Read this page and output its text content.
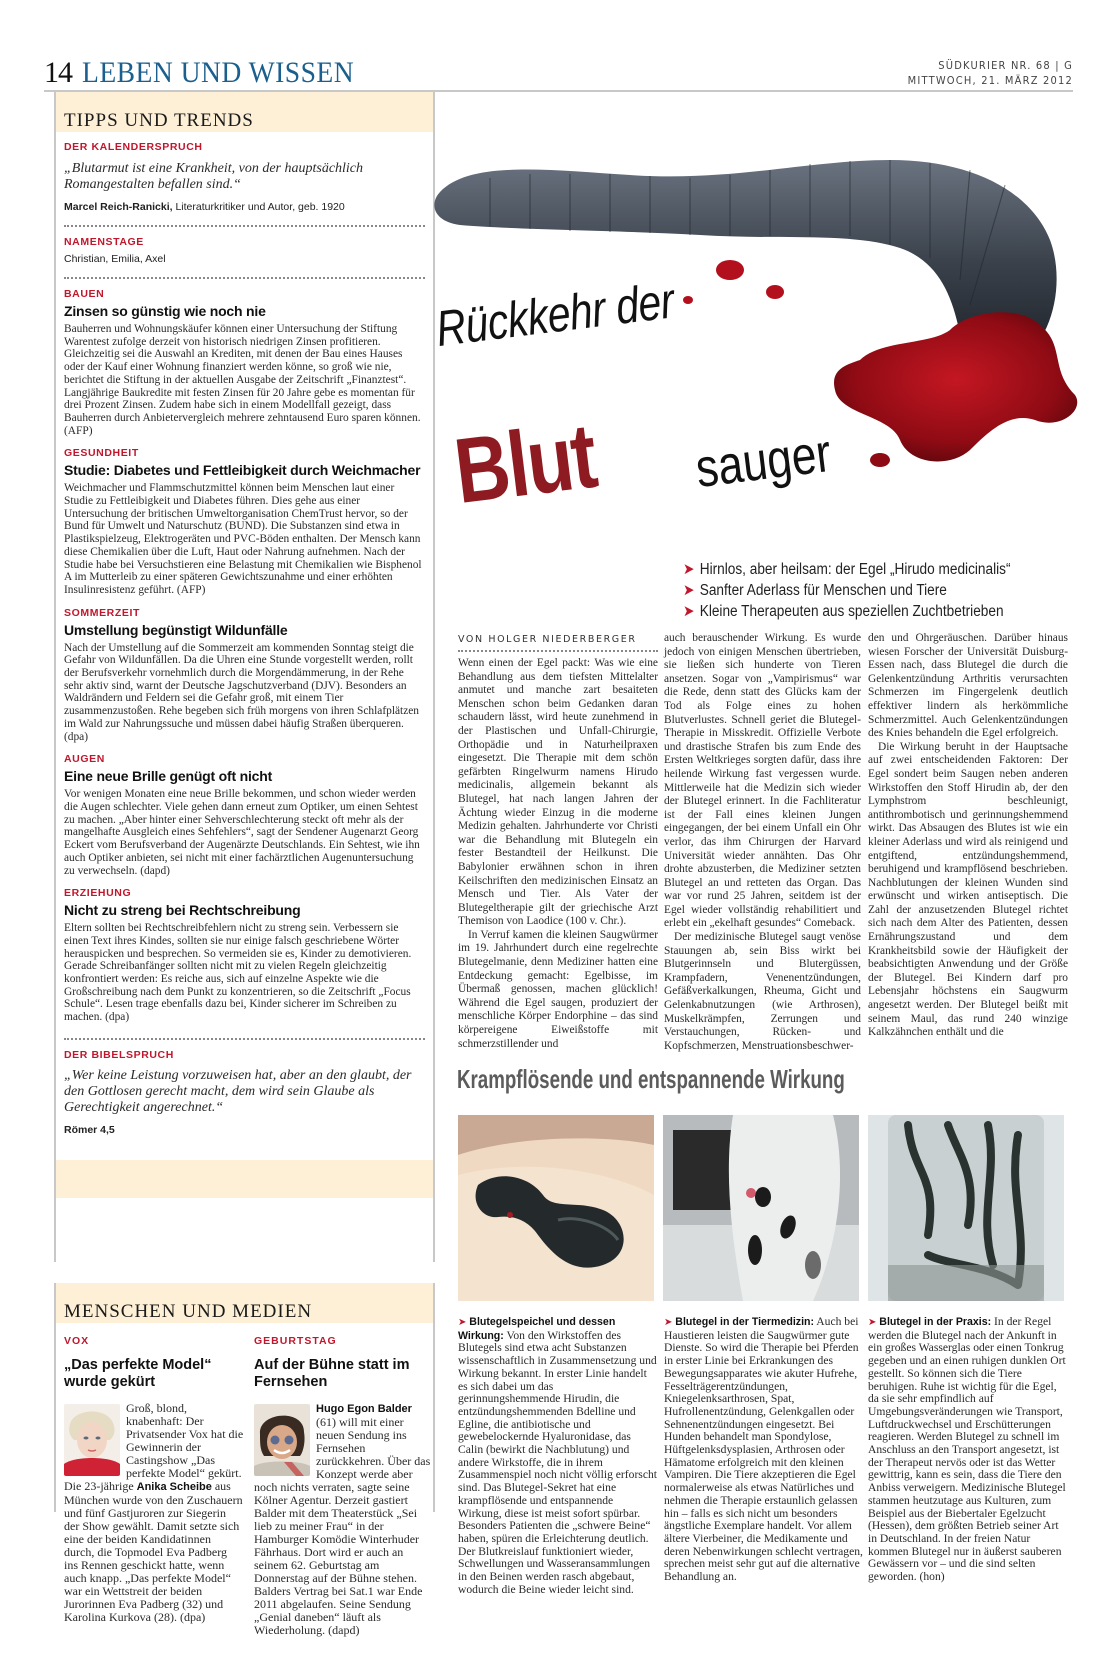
14 LEBEN UND WISSEN	SÜDKURIER NR. 68 | G
MITTWOCH, 21. MÄRZ 2012
TIPPS UND TRENDS
DER KALENDERSPRUCH
„Blutarmut ist eine Krankheit, von der hauptsächlich Romangestalten befallen sind.“
Marcel Reich-Ranicki, Literaturkritiker und Autor, geb. 1920
NAMENSTAGE
Christian, Emilia, Axel
BAUEN
Zinsen so günstig wie noch nie
Bauherren und Wohnungskäufer können einer Untersuchung der Stiftung Warentest zufolge derzeit von historisch niedrigen Zinsen profitieren. Gleichzeitig sei die Auswahl an Krediten, mit denen der Bau eines Hauses oder der Kauf einer Wohnung finanziert werden könne, so groß wie nie, berichtet die Stiftung in der aktuellen Ausgabe der Zeitschrift „Finanztest“. Langjährige Baukredite mit festen Zinsen für 20 Jahre gebe es momentan für drei Prozent Zinsen. Zudem habe sich in einem Modellfall gezeigt, dass Bauherren durch Anbietervergleich mehrere zehntausend Euro sparen können. (AFP)
GESUNDHEIT
Studie: Diabetes und Fettleibigkeit durch Weichmacher
Weichmacher und Flammschutzmittel können beim Menschen laut einer Studie zu Fettleibigkeit und Diabetes führen. Dies gehe aus einer Untersuchung der britischen Umweltorganisation ChemTrust hervor, so der Bund für Umwelt und Naturschutz (BUND). Die Substanzen sind etwa in Plastikspielzeug, Elektrogeräten und PVC-Böden enthalten. Der Mensch kann diese Chemikalien über die Luft, Haut oder Nahrung aufnehmen. Nach der Studie habe bei Versuchstieren eine Belastung mit Chemikalien wie Bisphenol A im Mutterleib zu einer späteren Gewichtszunahme und einer erhöhten Insulinresistenz geführt. (AFP)
SOMMERZEIT
Umstellung begünstigt Wildunfälle
Nach der Umstellung auf die Sommerzeit am kommenden Sonntag steigt die Gefahr von Wildunfällen. Da die Uhren eine Stunde vorgestellt werden, rollt der Berufsverkehr vornehmlich durch die Morgendämmerung, in der Rehe sehr aktiv sind, warnt der Deutsche Jagschutzverband (DJV). Besonders an Waldrändern und Feldern sei die Gefahr groß, mit einem Tier zusammenzustoßen. Rehe begeben sich früh morgens von ihren Schlafplätzen im Wald zur Nahrungssuche und müssen dabei häufig Straßen überqueren. (dpa)
AUGEN
Eine neue Brille genügt oft nicht
Vor wenigen Monaten eine neue Brille bekommen, und schon wieder werden die Augen schlechter. Viele gehen dann erneut zum Optiker, um einen Sehtest zu machen. „Aber hinter einer Sehverschlechterung steckt oft mehr als der mangelhafte Ausgleich eines Sehfehlers“, sagt der Sendener Augenarzt Georg Eckert vom Berufsverband der Augenärzte Deutschlands. Ein Sehtest, wie ihn auch Optiker anbieten, sei nicht mit einer fachärztlichen Augenuntersuchung zu verwechseln. (dapd)
ERZIEHUNG
Nicht zu streng bei Rechtschreibung
Eltern sollten bei Rechtschreibfehlern nicht zu streng sein. Verbessern sie einen Text ihres Kindes, sollten sie nur einige falsch geschriebene Wörter herauspicken und besprechen. So vermeiden sie es, Kinder zu demotivieren. Gerade Schreibanfänger sollten nicht mit zu vielen Regeln gleichzeitig konfrontiert werden: Es reiche aus, sich auf einzelne Aspekte wie die Großschreibung nach dem Punkt zu konzentrieren, so die Zeitschrift „Focus Schule“. Lesen trage ebenfalls dazu bei, Kinder sicherer im Schreiben zu machen. (dpa)
DER BIBELSPRUCH
„Wer keine Leistung vorzuweisen hat, aber an den glaubt, der den Gottlosen gerecht macht, dem wird sein Glaube als Gerechtigkeit angerechnet.“
Römer 4,5
Rückkehr der
Blut sauger
➤ Hirnlos, aber heilsam: der Egel „Hirudo medicinalis“
➤ Sanfter Aderlass für Menschen und Tiere
➤ Kleine Therapeuten aus speziellen Zuchtbetrieben
VON HOLGER NIEDERBERGER

Wenn einen der Egel packt: Was wie eine Behandlung aus dem tiefsten Mittelalter anmutet und manche zart besaiteten Menschen schon beim Gedanken daran schaudern lässt, wird heute zunehmend in der Plastischen und Unfall-Chirurgie, Orthopädie und in Naturheilpraxen eingesetzt. Die Therapie mit dem schön gefärbten Ringelwurm namens Hirudo medicinalis, allgemein bekannt als Blutegel, hat nach langen Jahren der Ächtung wieder Einzug in die moderne Medizin gehalten. Jahrhunderte vor Christi war die Behandlung mit Blutegeln ein fester Bestandteil der Heilkunst. Die Babylonier erwähnen schon in ihren Keilschriften den medizinischen Einsatz an Mensch und Tier. Als Vater der Blutegeltherapie gilt der griechische Arzt Themison von Laodice (100 v. Chr.).

In Verruf kamen die kleinen Saugwürmer im 19. Jahrhundert durch eine regelrechte Blutegelmanie, denn Mediziner hatten eine Entdeckung gemacht: Egelbisse, im Übermaß genossen, machen glücklich! Während die Egel saugen, produziert der menschliche Körper Endorphine – das sind körpereigene Eiweißstoffe mit schmerzstillender und

auch berauschender Wirkung. Es wurde jedoch von einigen Menschen übertrieben, sie ließen sich hunderte von Tieren ansetzen. Sogar von „Vampirismus“ war die Rede, denn statt des Glücks kam der Tod als Folge eines zu hohen Blutverlustes. Schnell geriet die Blutegel-Therapie in Misskredit. Offizielle Verbote und drastische Strafen bis zum Ende des Ersten Weltkrieges sorgten dafür, dass ihre heilende Wirkung fast vergessen wurde. Mittlerweile hat die Medizin sich wieder der Blutegel erinnert. In die Fachliteratur ist der Fall eines kleinen Jungen eingegangen, der bei einem Unfall ein Ohr verlor, das ihm Chirurgen der Harvard Universität wieder annähten. Das Ohr drohte abzusterben, die Mediziner setzten Blutegel an und retteten das Organ. Das war vor rund 25 Jahren, seitdem ist der Egel wieder vollständig rehabilitiert und erlebt ein „ekelhaft gesundes“ Comeback.

Der medizinische Blutegel saugt venöse Stauungen ab, sein Biss wirkt bei Blutgerinnseln und Blutergüssen, Krampfadern, Venenentzündungen, Gefäßverkalkungen, Rheuma, Gicht und Gelenkabnutzungen (wie Arthrosen), Muskelkrämpfen, Zerrungen und Verstauchungen, Rücken- und Kopfschmerzen, Menstruationsbeschwer-

den und Ohrgeräuschen. Darüber hinaus wiesen Forscher der Universität Duisburg-Essen nach, dass Blutegel die durch die Gelenkentzündung Arthritis verursachten Schmerzen im Fingergelenk deutlich effektiver lindern als herkömmliche Schmerzmittel. Auch Gelenkentzündungen des Knies behandeln die Egel erfolgreich.

Die Wirkung beruht in der Hauptsache auf zwei entscheidenden Faktoren: Der Egel sondert beim Saugen neben anderen Wirkstoffen den Stoff Hirudin ab, der den Lymphstrom beschleunigt, antithrombotisch und gerinnungshemmend wirkt. Das Absaugen des Blutes ist wie ein kleiner Aderlass und wird als reinigend und entgiftend, entzündungshemmend, beruhigend und krampflösend beschrieben. Nachblutungen der kleinen Wunden sind erwünscht und wirken antiseptisch. Die Zahl der anzusetzenden Blutegel richtet sich nach dem Alter des Patienten, dessen Ernährungszustand und dem Krankheitsbild sowie der Häufigkeit der beabsichtigten Anwendung und der Größe der Blutegel. Bei Kindern darf pro Lebensjahr höchstens ein Saugwurm angesetzt werden. Der Blutegel beißt mit seinem Maul, das rund 240 winzige Kalkzähnchen enthält und die

Krampflösende und entspannende Wirkung
➤ Blutegelspeichel und dessen Wirkung: Von den Wirkstoffen des Blutegels sind etwa acht Substanzen wissenschaftlich in Zusammensetzung und Wirkung bekannt. In erster Linie handelt es sich dabei um das gerinnungshemmende Hirudin, die entzündungshemmenden Bdelline und Egline, die antibiotische und gewebelockernde Hyaluronidase, das Calin (bewirkt die Nachblutung) und andere Wirkstoffe, die in ihrem Zusammenspiel noch nicht völlig erforscht sind. Das Blutegel-Sekret hat eine krampflösende und entspannende Wirkung, diese ist meist sofort spürbar. Besonders Patienten die „schwere Beine“ haben, spüren die Erleichterung deutlich. Der Blutkreislauf funktioniert wieder, Schwellungen und Wasseransammlungen in den Beinen werden rasch abgebaut, wodurch die Beine wieder leicht sind.
➤ Blutegel in der Tiermedizin: Auch bei Haustieren leisten die Saugwürmer gute Dienste. So wird die Therapie bei Pferden in erster Linie bei Erkrankungen des Bewegungsapparates wie akuter Hufrehe, Fesselträgerentzündungen, Kniegelenksarthrosen, Spat, Hufrollenentzündung, Gelenkgallen oder Sehnenentzündungen eingesetzt. Bei Hunden behandelt man Spondylose, Hüftgelenksdysplasien, Arthrosen oder Hämatome erfolgreich mit den kleinen Vampiren. Die Tiere akzeptieren die Egel normalerweise als etwas Natürliches und nehmen die Therapie erstaunlich gelassen hin – falls es sich nicht um besonders ängstliche Exemplare handelt. Vor allem ältere Vierbeiner, die Medikamente und deren Nebenwirkungen schlecht vertragen, sprechen meist sehr gut auf die alternative Behandlung an.
➤ Blutegel in der Praxis: In der Regel werden die Blutegel nach der Ankunft in ein großes Wasserglas oder einen Tonkrug gegeben und an einen ruhigen dunklen Ort gestellt. So können sich die Tiere beruhigen. Ruhe ist wichtig für die Egel, da sie sehr empfindlich auf Umgebungsveränderungen wie Transport, Luftdruckwechsel und Erschütterungen reagieren. Werden Blutegel zu schnell im Anschluss an den Transport angesetzt, ist der Therapeut nervös oder ist das Wetter gewittrig, kann es sein, dass die Tiere den Anbiss verweigern. Medizinische Blutegel stammen heutzutage aus Kulturen, zum Beispiel aus der Biebertaler Egelzucht (Hessen), dem größten Betrieb seiner Art in Deutschland. In der freien Natur kommen Blutegel nur in äußerst sauberen Gewässern vor – und die sind selten geworden. (hon)
MENSCHEN UND MEDIEN
VOX
„Das perfekte Model“ wurde gekürt
Groß, blond, knabenhaft: Der Privatsender Vox hat die Gewinnerin der Castingshow „Das perfekte Model“ gekürt. Die 23-jährige Anika Scheibe aus München wurde von den Zuschauern und fünf Gastjuroren zur Siegerin der Show gewählt. Damit setzte sich eine der beiden Kandidatinnen durch, die Topmodel Eva Padberg ins Rennen geschickt hatte, wenn auch knapp. „Das perfekte Model“ war ein Wettstreit der beiden Jurorinnen Eva Padberg (32) und Karolina Kurkova (28). (dpa)
GEBURTSTAG
Auf der Bühne statt im Fernsehen
Hugo Egon Balder (61) will mit einer neuen Sendung ins Fernsehen zurückkehren. Über das Konzept werde aber noch nichts verraten, sagte seine Kölner Agentur. Derzeit gastiert Balder mit dem Theaterstück „Sei lieb zu meiner Frau“ in der Hamburger Komödie Winterhuder Fährhaus. Dort wird er auch an seinem 62. Geburtstag am Donnerstag auf der Bühne stehen. Balders Vertrag bei Sat.1 war Ende 2011 abgelaufen. Seine Sendung „Genial daneben“ läuft als Wiederholung. (dapd)
